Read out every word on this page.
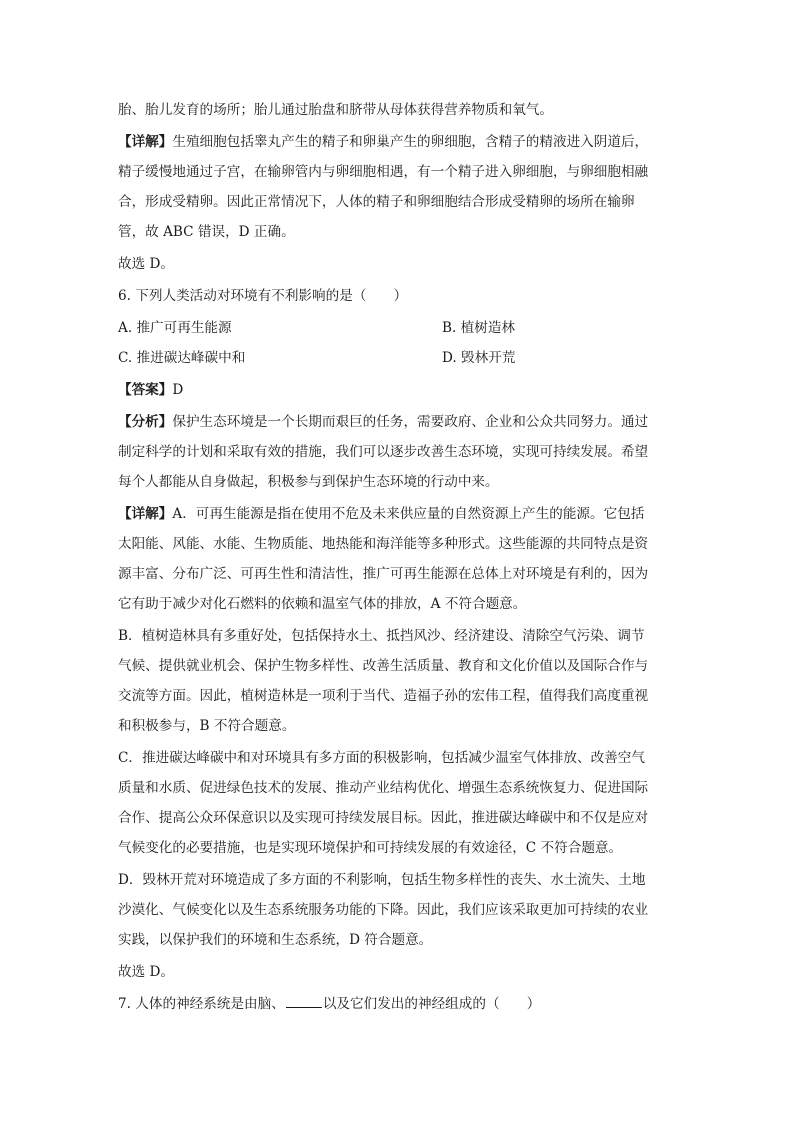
胎、胎儿发育的场所；胎儿通过胎盘和脐带从母体获得营养物质和氧气。
【详解】生殖细胞包括睾丸产生的精子和卵巢产生的卵细胞，含精子的精液进入阴道后，
精子缓慢地通过子宫，在输卵管内与卵细胞相遇，有一个精子进入卵细胞，与卵细胞相融
合，形成受精卵。因此正常情况下，人体的精子和卵细胞结合形成受精卵的场所在输卵
管，故 ABC 错误，D 正确。
故选 D。
6. 下列人类活动对环境有不利影响的是（　　）
A. 推广可再生能源	B. 植树造林
C. 推进碳达峰碳中和	D. 毁林开荒
【答案】D
【分析】保护生态环境是一个长期而艰巨的任务，需要政府、企业和公众共同努力。通过
制定科学的计划和采取有效的措施，我们可以逐步改善生态环境，实现可持续发展。希望
每个人都能从自身做起，积极参与到保护生态环境的行动中来。
【详解】A．可再生能源是指在使用不危及未来供应量的自然资源上产生的能源。它包括
太阳能、风能、水能、生物质能、地热能和海洋能等多种形式。这些能源的共同特点是资
源丰富、分布广泛、可再生性和清洁性，推广可再生能源在总体上对环境是有利的，因为
它有助于减少对化石燃料的依赖和温室气体的排放，A 不符合题意。
B．植树造林具有多重好处，包括保持水土、抵挡风沙、经济建设、清除空气污染、调节
气候、提供就业机会、保护生物多样性、改善生活质量、教育和文化价值以及国际合作与
交流等方面。因此，植树造林是一项利于当代、造福子孙的宏伟工程，值得我们高度重视
和积极参与，B 不符合题意。
C．推进碳达峰碳中和对环境具有多方面的积极影响，包括减少温室气体排放、改善空气
质量和水质、促进绿色技术的发展、推动产业结构优化、增强生态系统恢复力、促进国际
合作、提高公众环保意识以及实现可持续发展目标。因此，推进碳达峰碳中和不仅是应对
气候变化的必要措施，也是实现环境保护和可持续发展的有效途径，C 不符合题意。
D．毁林开荒对环境造成了多方面的不利影响，包括生物多样性的丧失、水土流失、土地
沙漠化、气候变化以及生态系统服务功能的下降。因此，我们应该采取更加可持续的农业
实践，以保护我们的环境和生态系统，D 符合题意。
故选 D。
7. 人体的神经系统是由脑、	以及它们发出的神经组成的（　　）
